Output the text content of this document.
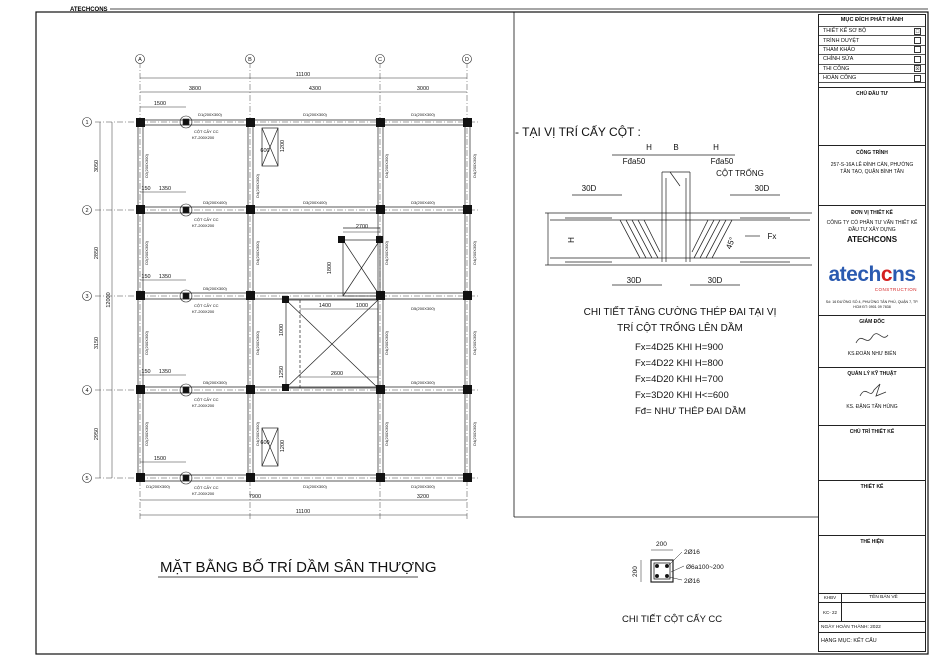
ATECHCONS
A	B	C	D
1
2
3
4
5
11100
3800	4300	3000
1500
7900	3200
11100
1350
150
1350
150
1350
150
1500
2700
1400	1000
2600
600
600
3050
2850
3150
2950
12000
1200
1200
1800
1000
1250
D1(200X300)	D1(200X300)	D1(200X300)
D3(200X400)	D3(200X400)	D3(200X400)
D5(200X300)
D5(200X300)
D5(200X300)	D5(200X300)
D1(200X300)	D1(200X300)	D1(200X300)
D2(200X300)
D2(200X300)
D2(200X300)
D2(200X300)
D4(200X300)
D4(200X300)
D4(200X300)
D4(200X300)
D4(200X300)
D4(200X300)
D4(200X300)
D4(200X300)
D4(200X300)
D4(200X300)
D4(200X300)
D4(200X300)
CỘT CẤY CC
KT-200X200
CỘT CẤY CC
KT-200X200
CỘT CẤY CC
KT-200X200
CỘT CẤY CC
KT-200X200
CỘT CẤY CC
KT-200X200
MẶT BẰNG BỐ TRÍ DẦM SÂN THƯỢNG
- TẠI VỊ TRÍ CẤY CỘT :
H	B	H
Fđa50	Fđa50
CỘT TRỐNG
30D	30D
30D	30D
Fx
45°
H
CHI TIẾT TĂNG CƯỜNG THÉP ĐAI TẠI VỊ
TRÍ CỘT TRỐNG LÊN DẦM
Fx=4D25 KHI H=900
Fx=4D22 KHI H=800
Fx=4D20 KHI H=700
Fx=3D20 KHI H<=600
Fđ= NHƯ THÉP ĐAI DẦM
200
200
2Ø16
Ø6a100~200
2Ø16
CHI TIẾT CỘT CẤY CC
MỤC ĐÍCH PHÁT HÀNH
THIẾT KẾ SƠ BỘ	☐
TRÌNH DUYỆT
THAM KHẢO
CHỈNH SỬA
THI CÔNG	☒
HOÀN CÔNG
CHỦ ĐẦU TƯ
CÔNG TRÌNH
257-S-16A LÊ ĐÌNH CẨN, PHƯỜNG TÂN TẠO, QUẬN BÌNH TÂN
ĐƠN VỊ THIẾT KẾ
CÔNG TY CỔ PHẦN TƯ VẤN THIẾT KẾ ĐẦU TƯ XÂY DỰNG
ATECHCONS
atechcns
CONSTRUCTION
Số: 16 ĐƯỜNG SỐ 4, PHƯỜNG TÂN PHÚ, QUẬN 7, TP. HCM ĐT: 0901 09 7838
GIÁM ĐỐC
KS.ĐOÀN NHƯ BIỂN
QUẢN LÝ KỸ THUẬT
KS. ĐẶNG TẤN HÙNG
CHỦ TRÌ THIẾT KẾ
THIẾT KẾ
THỂ HIỆN
KHBV
KC- 22
TÊN BẢN VẼ
NGÀY HOÀN THÀNH: 2022
HẠNG MỤC: KẾT CẤU
